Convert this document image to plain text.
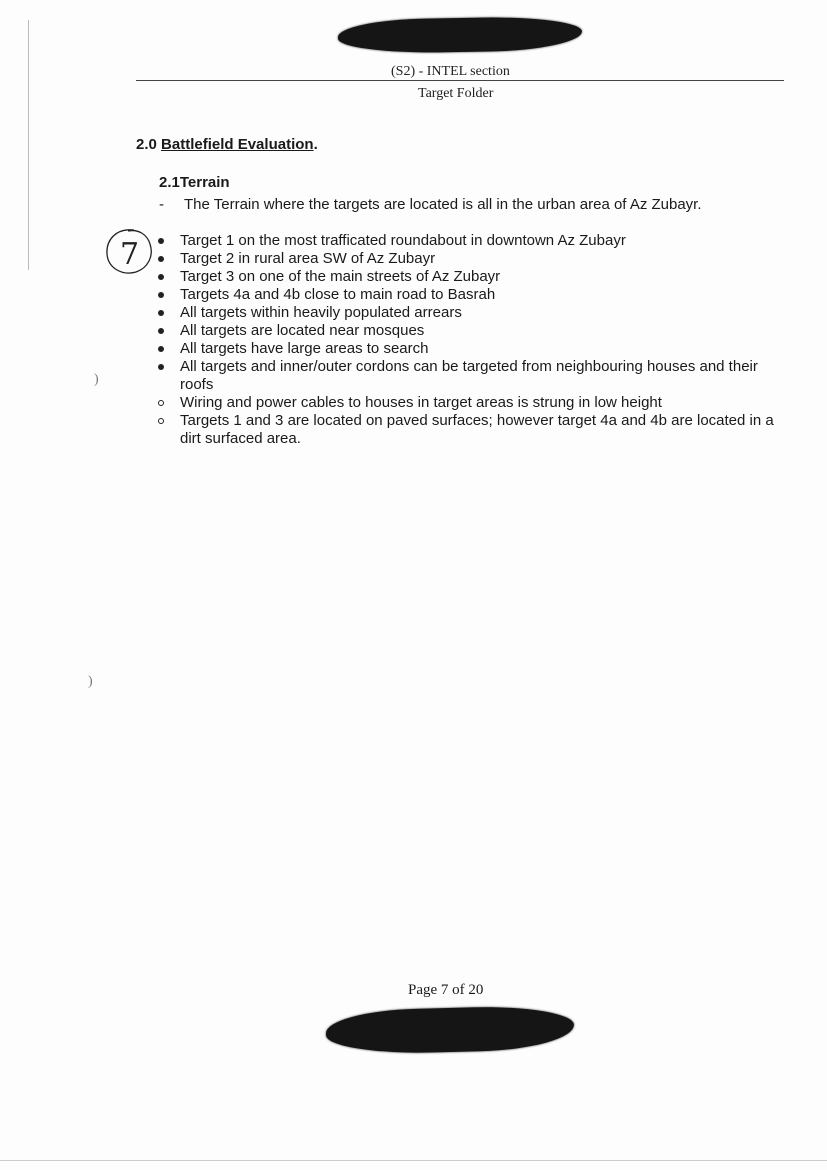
(S2) - INTEL section
Target Folder
2.0 Battlefield Evaluation.
2.1Terrain
- The Terrain where the targets are located is all in the urban area of Az Zubayr.
7	Target 1 on the most trafficated roundabout in downtown Az Zubayr
Target 2 in rural area SW of Az Zubayr
Target 3 on one of the main streets of Az Zubayr
Targets 4a and 4b close to main road to Basrah
All targets within heavily populated arrears
All targets are located near mosques
All targets have large areas to search
All targets and inner/outer cordons can be targeted from neighbouring houses and their roofs
Wiring and power cables to houses in target areas is strung in low height
Targets 1 and 3 are located on paved surfaces; however target 4a and 4b are located in a dirt surfaced area.
)
)
Page 7 of 20
